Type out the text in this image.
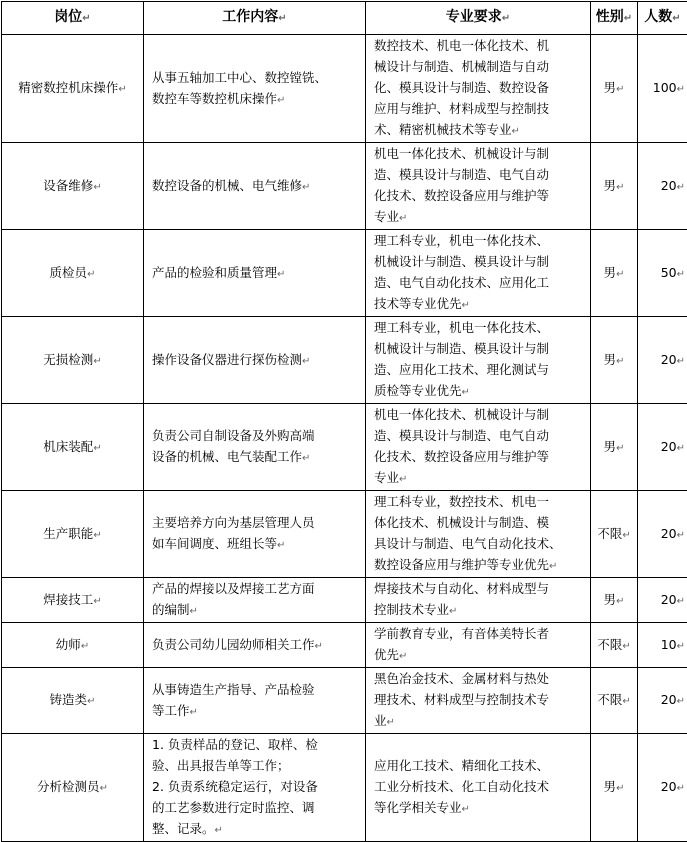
岗位↵	工作内容↵	专业要求↵	性别↵	人数↵
精密数控机床操作↵	从事五轴加工中心、数控镗铣、
数控车等数控机床操作↵	数控技术、机电一体化技术、机
械设计与制造、机械制造与自动
化、模具设计与制造、数控设备
应用与维护、材料成型与控制技
术、精密机械技术等专业↵	男↵	100↵
设备维修↵	数控设备的机械、电气维修↵	机电一体化技术、机械设计与制
造、模具设计与制造、电气自动
化技术、数控设备应用与维护等
专业↵	男↵	20↵
质检员↵	产品的检验和质量管理↵	理工科专业，机电一体化技术、
机械设计与制造、模具设计与制
造、电气自动化技术、应用化工
技术等专业优先↵	男↵	50↵
无损检测↵	操作设备仪器进行探伤检测↵	理工科专业，机电一体化技术、
机械设计与制造、模具设计与制
造、应用化工技术、理化测试与
质检等专业优先↵	男↵	20↵
机床装配↵	负责公司自制设备及外购高端
设备的机械、电气装配工作↵	机电一体化技术、机械设计与制
造、模具设计与制造、电气自动
化技术、数控设备应用与维护等
专业↵	男↵	20↵
生产职能↵	主要培养方向为基层管理人员
如车间调度、班组长等↵	理工科专业，数控技术、机电一
体化技术、机械设计与制造、模
具设计与制造、电气自动化技术、
数控设备应用与维护等专业优先↵	不限↵	20↵
焊接技工↵	产品的焊接以及焊接工艺方面
的编制↵	焊接技术与自动化、材料成型与
控制技术专业↵	男↵	20↵
幼师↵	负责公司幼儿园幼师相关工作↵	学前教育专业，有音体美特长者
优先↵	不限↵	10↵
铸造类↵	从事铸造生产指导、产品检验
等工作↵	黑色冶金技术、金属材料与热处
理技术、材料成型与控制技术专
业↵	不限↵	20↵
分析检测员↵	1. 负责样品的登记、取样、检
验、出具报告单等工作；
2. 负责系统稳定运行，对设备
的工艺参数进行定时监控、调
整、记录。↵	应用化工技术、精细化工技术、
工业分析技术、化工自动化技术
等化学相关专业↵	男↵	20↵
